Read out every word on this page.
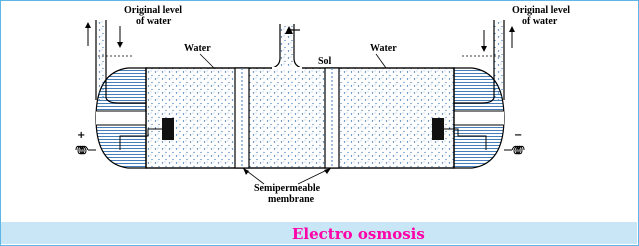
+	−
Original level
of water
Original level
of water
Water	Water
Sol
Semipermeable
membrane
Electro osmosis
